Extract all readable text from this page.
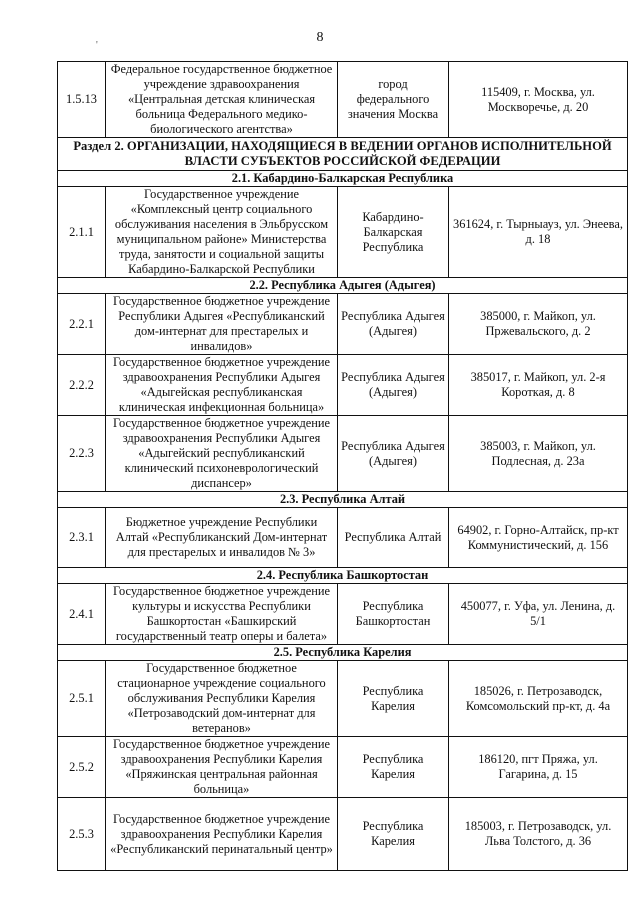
8
'
1.5.13	Федеральное государственное бюджетное учреждение здравоохранения «Центральная детская клиническая больница Федерального медико-биологического агентства»	город федерального значения Москва	115409, г. Москва, ул. Москворечье, д. 20
Раздел 2. ОРГАНИЗАЦИИ, НАХОДЯЩИЕСЯ В ВЕДЕНИИ ОРГАНОВ ИСПОЛНИТЕЛЬНОЙ ВЛАСТИ СУБЪЕКТОВ РОССИЙСКОЙ ФЕДЕРАЦИИ			
2.1. Кабардино-Балкарская Республика			
2.1.1	Государственное учреждение «Комплексный центр социального обслуживания населения в Эльбрусском муниципальном районе» Министерства труда, занятости и социальной защиты Кабардино-Балкарской Республики	Кабардино-Балкарская Республика	361624, г. Тырныауз, ул. Энеева, д. 18
2.2. Республика Адыгея (Адыгея)			
2.2.1	Государственное бюджетное учреждение Республики Адыгея «Республиканский дом-интернат для престарелых и инвалидов»	Республика Адыгея (Адыгея)	385000, г. Майкоп, ул. Пржевальского, д. 2
2.2.2	Государственное бюджетное учреждение здравоохранения Республики Адыгея «Адыгейская республиканская клиническая инфекционная больница»	Республика Адыгея (Адыгея)	385017, г. Майкоп, ул. 2-я Короткая, д. 8
2.2.3	Государственное бюджетное учреждение здравоохранения Республики Адыгея «Адыгейский республиканский клинический психоневрологический диспансер»	Республика Адыгея (Адыгея)	385003, г. Майкоп, ул. Подлесная, д. 23а
2.3. Республика Алтай			
2.3.1	Бюджетное учреждение Республики Алтай «Республиканский Дом-интернат для престарелых и инвалидов № 3»	Республика Алтай	64902, г. Горно-Алтайск, пр-кт Коммунистический, д. 156
2.4. Республика Башкортостан			
2.4.1	Государственное бюджетное учреждение культуры и искусства Республики Башкортостан «Башкирский государственный театр оперы и балета»	Республика Башкортостан	450077, г. Уфа, ул. Ленина, д. 5/1
2.5. Республика Карелия			
2.5.1	Государственное бюджетное стационарное учреждение социального обслуживания Республики Карелия «Петрозаводский дом-интернат для ветеранов»	Республика Карелия	185026, г. Петрозаводск, Комсомольский пр-кт, д. 4а
2.5.2	Государственное бюджетное учреждение здравоохранения Республики Карелия «Пряжинская центральная районная больница»	Республика Карелия	186120, пгт Пряжа, ул. Гагарина, д. 15
2.5.3	Государственное бюджетное учреждение здравоохранения Республики Карелия «Республиканский перинатальный центр»	Республика Карелия	185003, г. Петрозаводск, ул. Льва Толстого, д. 36
